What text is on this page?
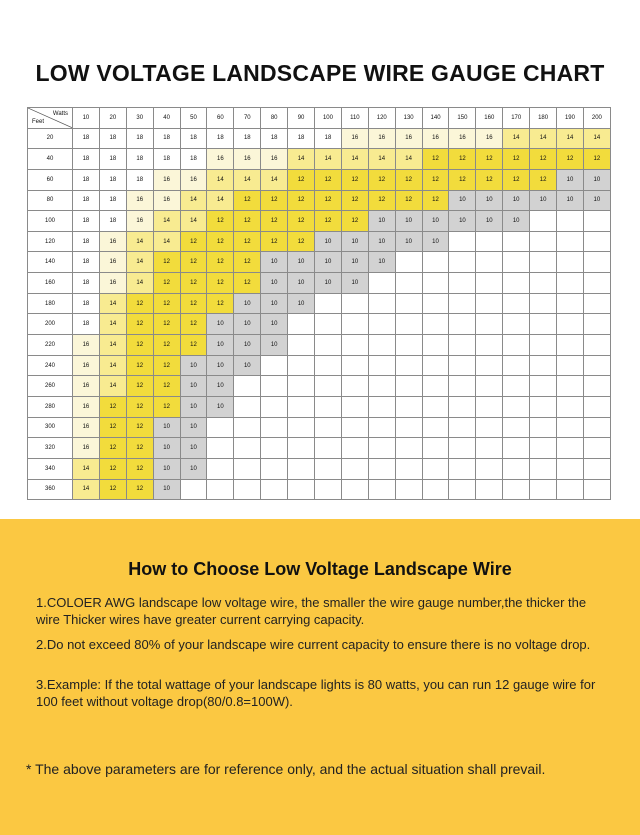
LOW VOLTAGE LANDSCAPE WIRE GAUGE CHART
Watts
Feet	10	20	30	40	50	60	70	80	90	100	110	120	130	140	150	160	170	180	190	200
20	18	18	18	18	18	18	18	18	18	18	16	16	16	16	16	16	14	14	14	14
40	18	18	18	18	18	16	16	16	14	14	14	14	14	12	12	12	12	12	12	12
60	18	18	18	16	16	14	14	14	12	12	12	12	12	12	12	12	12	12	10	10
80	18	18	16	16	14	14	12	12	12	12	12	12	12	12	10	10	10	10	10	10
100	18	18	16	14	14	12	12	12	12	12	12	10	10	10	10	10	10			
120	18	16	14	14	12	12	12	12	12	10	10	10	10	10						
140	18	16	14	12	12	12	12	10	10	10	10	10								
160	18	16	14	12	12	12	12	10	10	10	10									
180	18	14	12	12	12	12	10	10	10											
200	18	14	12	12	12	10	10	10												
220	16	14	12	12	12	10	10	10												
240	16	14	12	12	10	10	10													
260	16	14	12	12	10	10														
280	16	12	12	12	10	10														
300	16	12	12	10	10															
320	16	12	12	10	10															
340	14	12	12	10	10															
360	14	12	12	10																
How to Choose Low Voltage Landscape Wire
1.COLOER AWG landscape low voltage wire, the smaller the wire gauge number,the thicker the wire Thicker wires have greater current carrying capacity.
2.Do not exceed 80% of your landscape wire current capacity to ensure there is no voltage drop.
3.Example: If the total wattage of your landscape lights is 80 watts, you can run 12 gauge wire for 100 feet without voltage drop(80/0.8=100W).
* The above parameters are for reference only, and the actual situation shall prevail.
